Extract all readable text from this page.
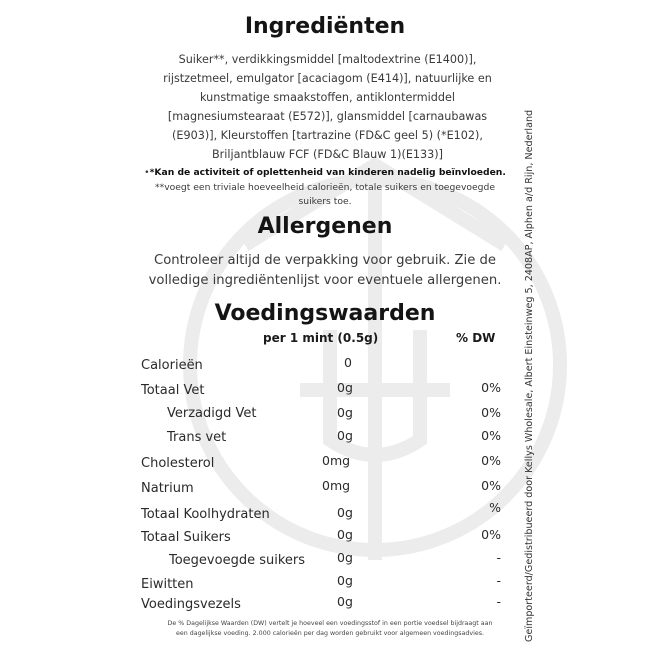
Ingrediënten
Suiker**, verdikkingsmiddel [maltodextrine (E1400)],
rijstzetmeel, emulgator [acaciagom (E414)], natuurlijke en
kunstmatige smaakstoffen, antiklontermiddel
[magnesiumstearaat (E572)], glansmiddel [carnaubawas
(E903)], Kleurstoffen [tartrazine (FD&C geel 5) (*E102),
Briljantblauw FCF (FD&C Blauw 1)(E133)]
•*Kan de activiteit of oplettenheid van kinderen nadelig beïnvloeden.
**voegt een triviale hoeveelheid calorieën, totale suikers en toegevoegde
suikers toe.
Allergenen
Controleer altijd de verpakking voor gebruik. Zie de
volledige ingrediëntenlijst voor eventuele allergenen.
Voedingswaarden
per 1 mint (0.5g)	% DW
Calorieën	0
Totaal Vet	0g	0%
Verzadigd Vet	0g	0%
Trans vet	0g	0%
Cholesterol	0mg	0%
Natrium	0mg	0%
Totaal Koolhydraten	0g	%
Totaal Suikers	0g	0%
Toegevoegde suikers	0g	-
Eiwitten	0g	-
Voedingsvezels	0g	-
De % Dagelijkse Waarden (DW) vertelt je hoeveel een voedingsstof in een portie voedsel bijdraagt aan
een dagelijkse voeding. 2.000 calorieën per dag worden gebruikt voor algemeen voedingsadvies.	Geïmporteerd/Gedistribueerd door Kellys Wholesale, Albert Einsteinweg 5, 2408AP, Alphen a/d Rijn, Nederland
